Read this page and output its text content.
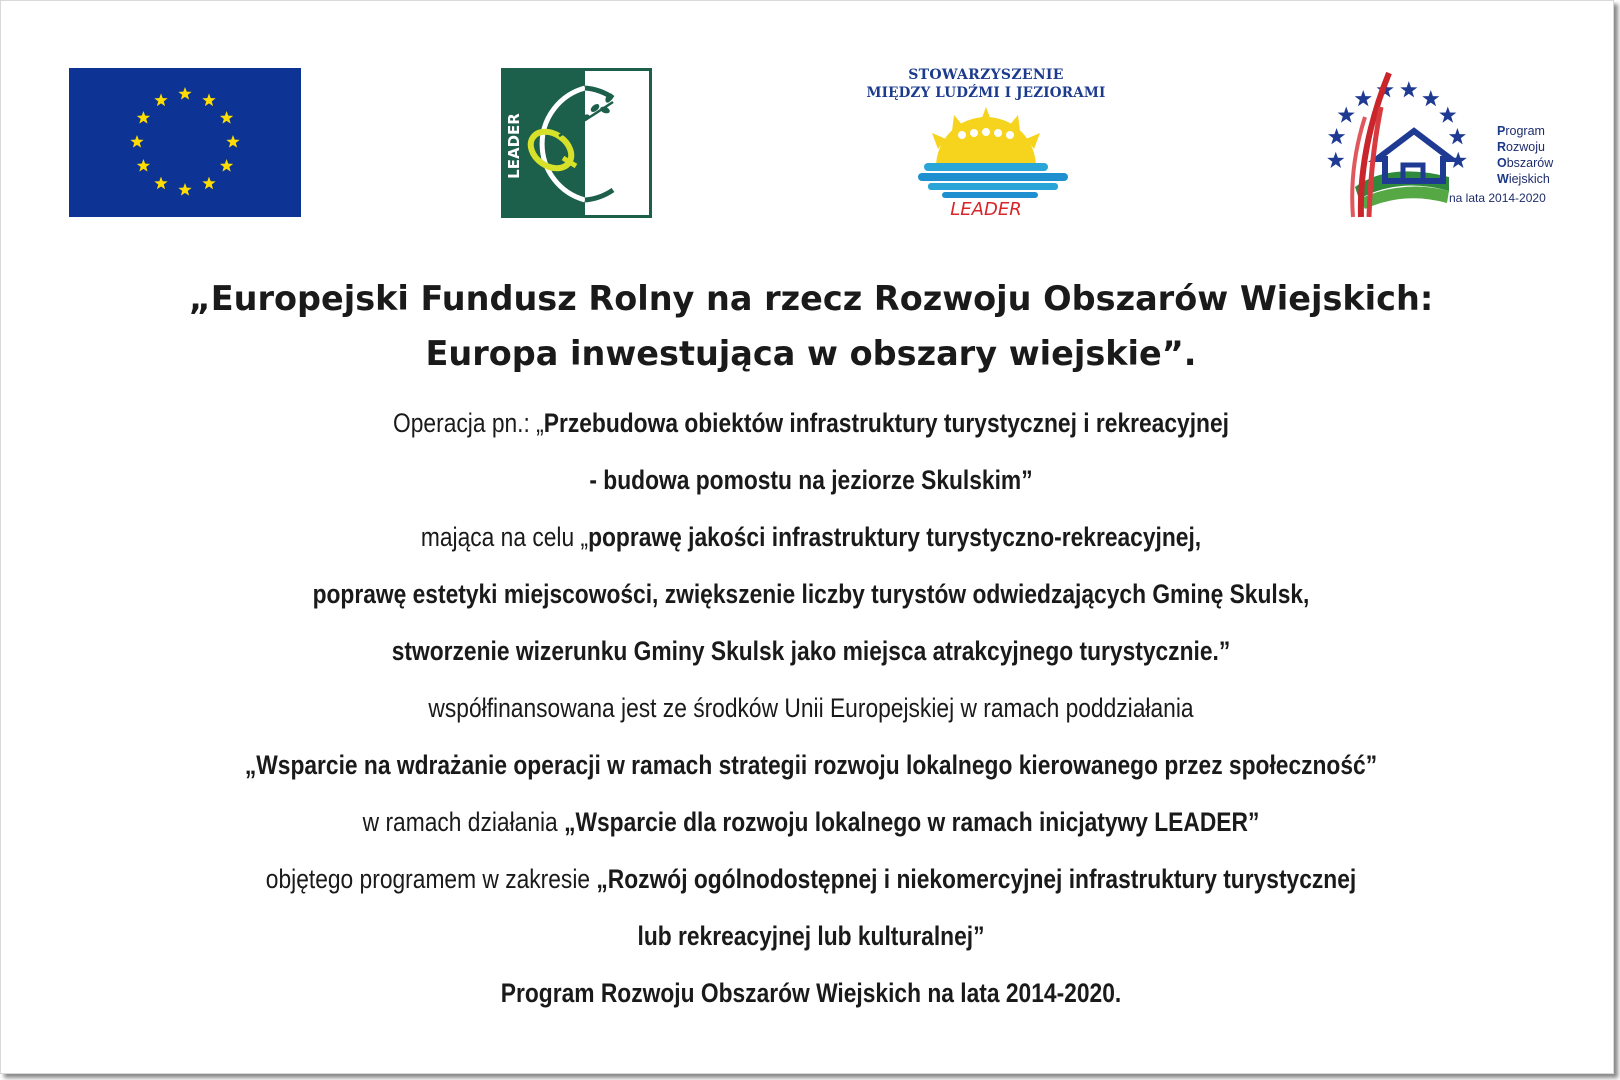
LEADER
STOWARZYSZENIE
MIĘDZY LUDŹMI I JEZIORAMI
LEADER
Program
Rozwoju
Obszarów
Wiejskich
na lata 2014-2020
„Europejski Fundusz Rolny na rzecz Rozwoju Obszarów Wiejskich:
Europa inwestująca w obszary wiejskie”.
Operacja pn.: „Przebudowa obiektów infrastruktury turystycznej i rekreacyjnej
- budowa pomostu na jeziorze Skulskim”
mająca na celu „poprawę jakości infrastruktury turystyczno-rekreacyjnej,
poprawę estetyki miejscowości, zwiększenie liczby turystów odwiedzających Gminę Skulsk,
stworzenie wizerunku Gminy Skulsk jako miejsca atrakcyjnego turystycznie.”
współfinansowana jest ze środków Unii Europejskiej w ramach poddziałania
„Wsparcie na wdrażanie operacji w ramach strategii rozwoju lokalnego kierowanego przez społeczność”
w ramach działania „Wsparcie dla rozwoju lokalnego w ramach inicjatywy LEADER”
objętego programem w zakresie „Rozwój ogólnodostępnej i niekomercyjnej infrastruktury turystycznej
lub rekreacyjnej lub kulturalnej”
Program Rozwoju Obszarów Wiejskich na lata 2014-2020.
